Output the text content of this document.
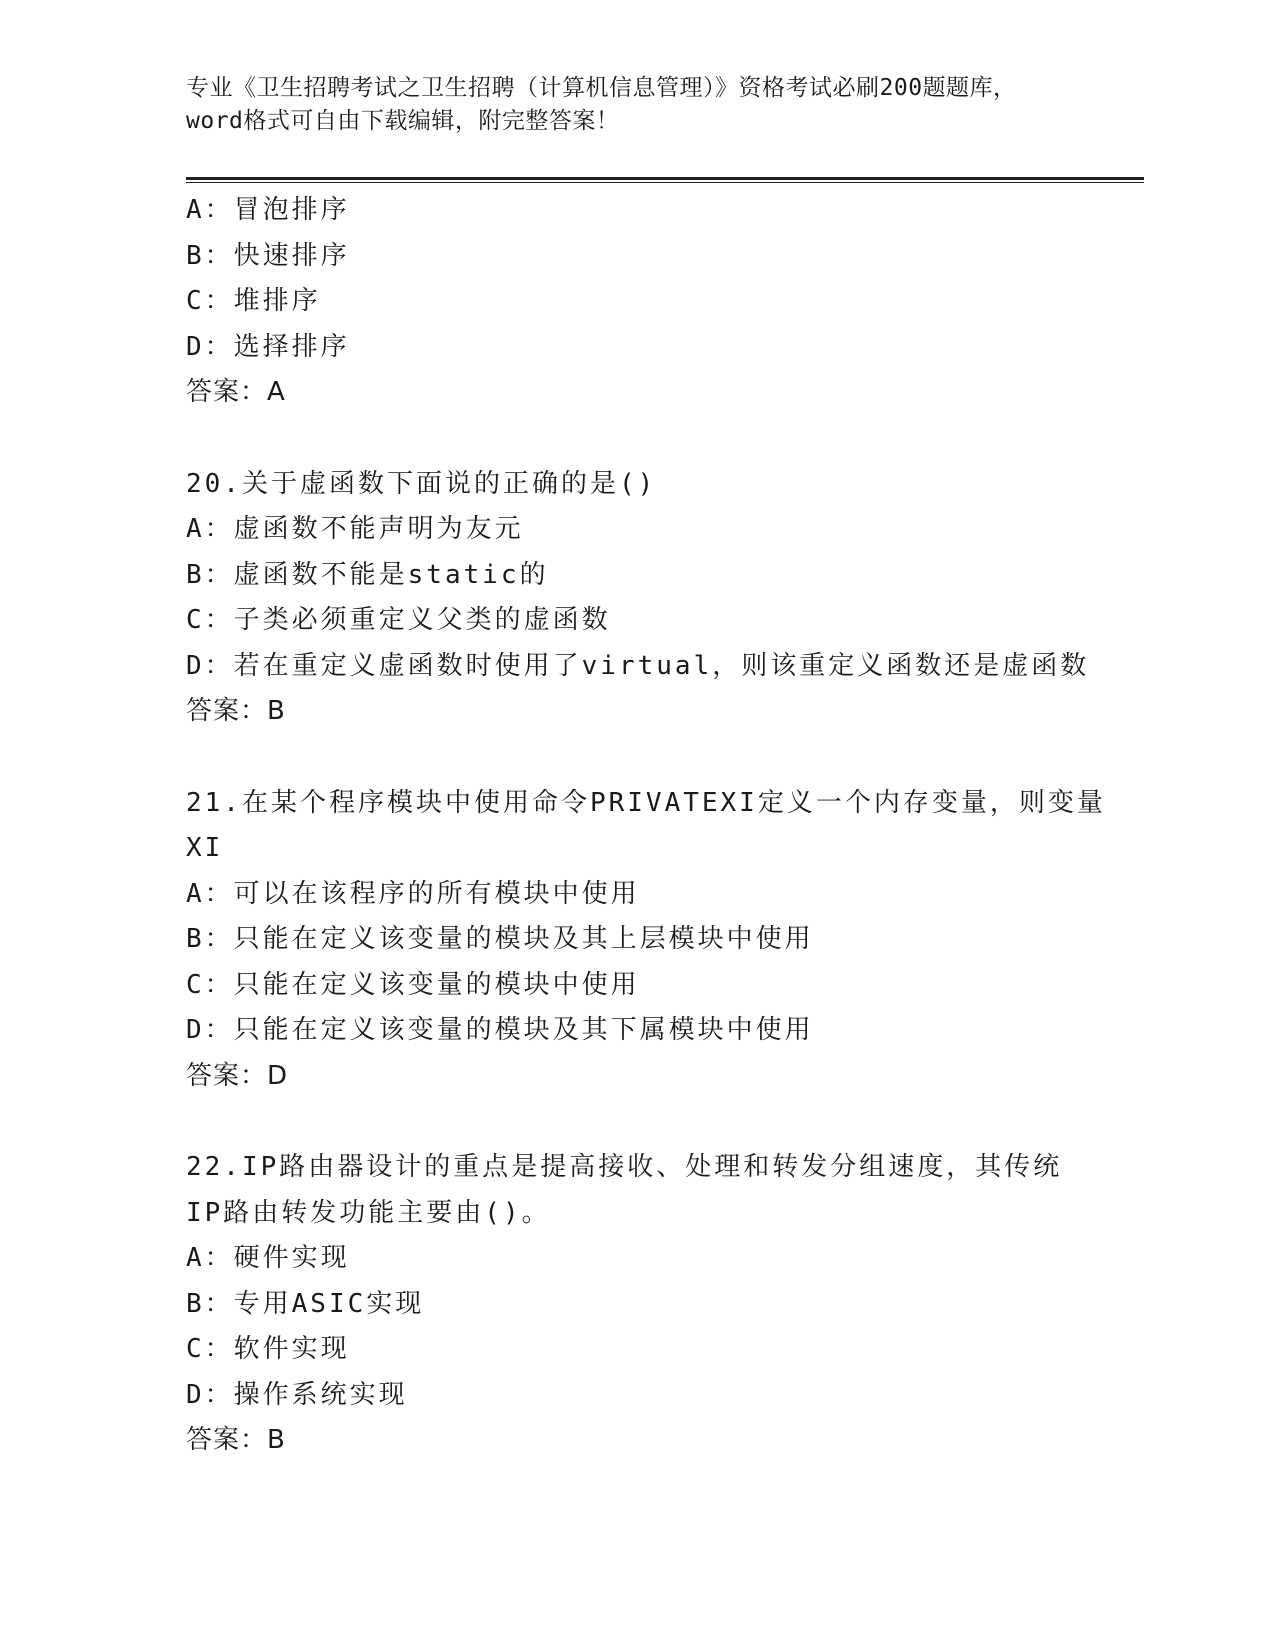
专业《卫生招聘考试之卫生招聘（计算机信息管理）》资格考试必刷200题题库，
word格式可自由下载编辑，附完整答案！
A：冒泡排序
B：快速排序
C：堆排序
D：选择排序
答案：A
20.关于虚函数下面说的正确的是()
A：虚函数不能声明为友元
B：虚函数不能是static的
C：子类必须重定义父类的虚函数
D：若在重定义虚函数时使用了virtual，则该重定义函数还是虚函数
答案：B
21.在某个程序模块中使用命令PRIVATEXI定义一个内存变量，则变量
XI
A：可以在该程序的所有模块中使用
B：只能在定义该变量的模块及其上层模块中使用
C：只能在定义该变量的模块中使用
D：只能在定义该变量的模块及其下属模块中使用
答案：D
22.IP路由器设计的重点是提高接收、处理和转发分组速度，其传统
IP路由转发功能主要由()。
A：硬件实现
B：专用ASIC实现
C：软件实现
D：操作系统实现
答案：B
